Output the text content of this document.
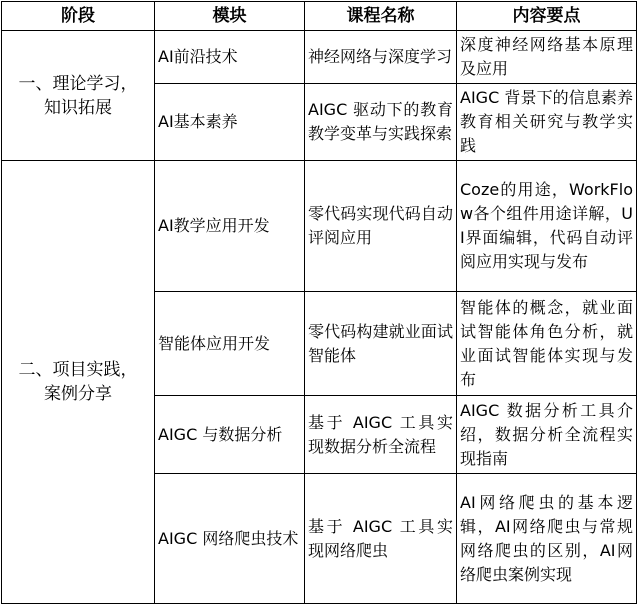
阶段	模块	课程名称	内容要点
一、理论学习，
知识拓展	AI前沿技术	神经网络与深度学习	深度神经网络基本原理及应用
	AI基本素养	AIGC 驱动下的教育教学变革与实践探索	AIGC 背景下的信息素养教育相关研究与教学实践
二、项目实践，
案例分享	AI教学应用开发	零代码实现代码自动评阅应用	Coze的用途，WorkFlow各个组件用途详解，UI界面编辑，代码自动评阅应用实现与发布
	智能体应用开发	零代码构建就业面试智能体	智能体的概念，就业面试智能体角色分析，就业面试智能体实现与发布
	AIGC 与数据分析	基于 AIGC 工具实现数据分析全流程	AIGC 数据分析工具介绍，数据分析全流程实现指南
	AIGC 网络爬虫技术	基于 AIGC 工具实现网络爬虫	AI网络爬虫的基本逻辑，AI网络爬虫与常规网络爬虫的区别，AI网络爬虫案例实现
